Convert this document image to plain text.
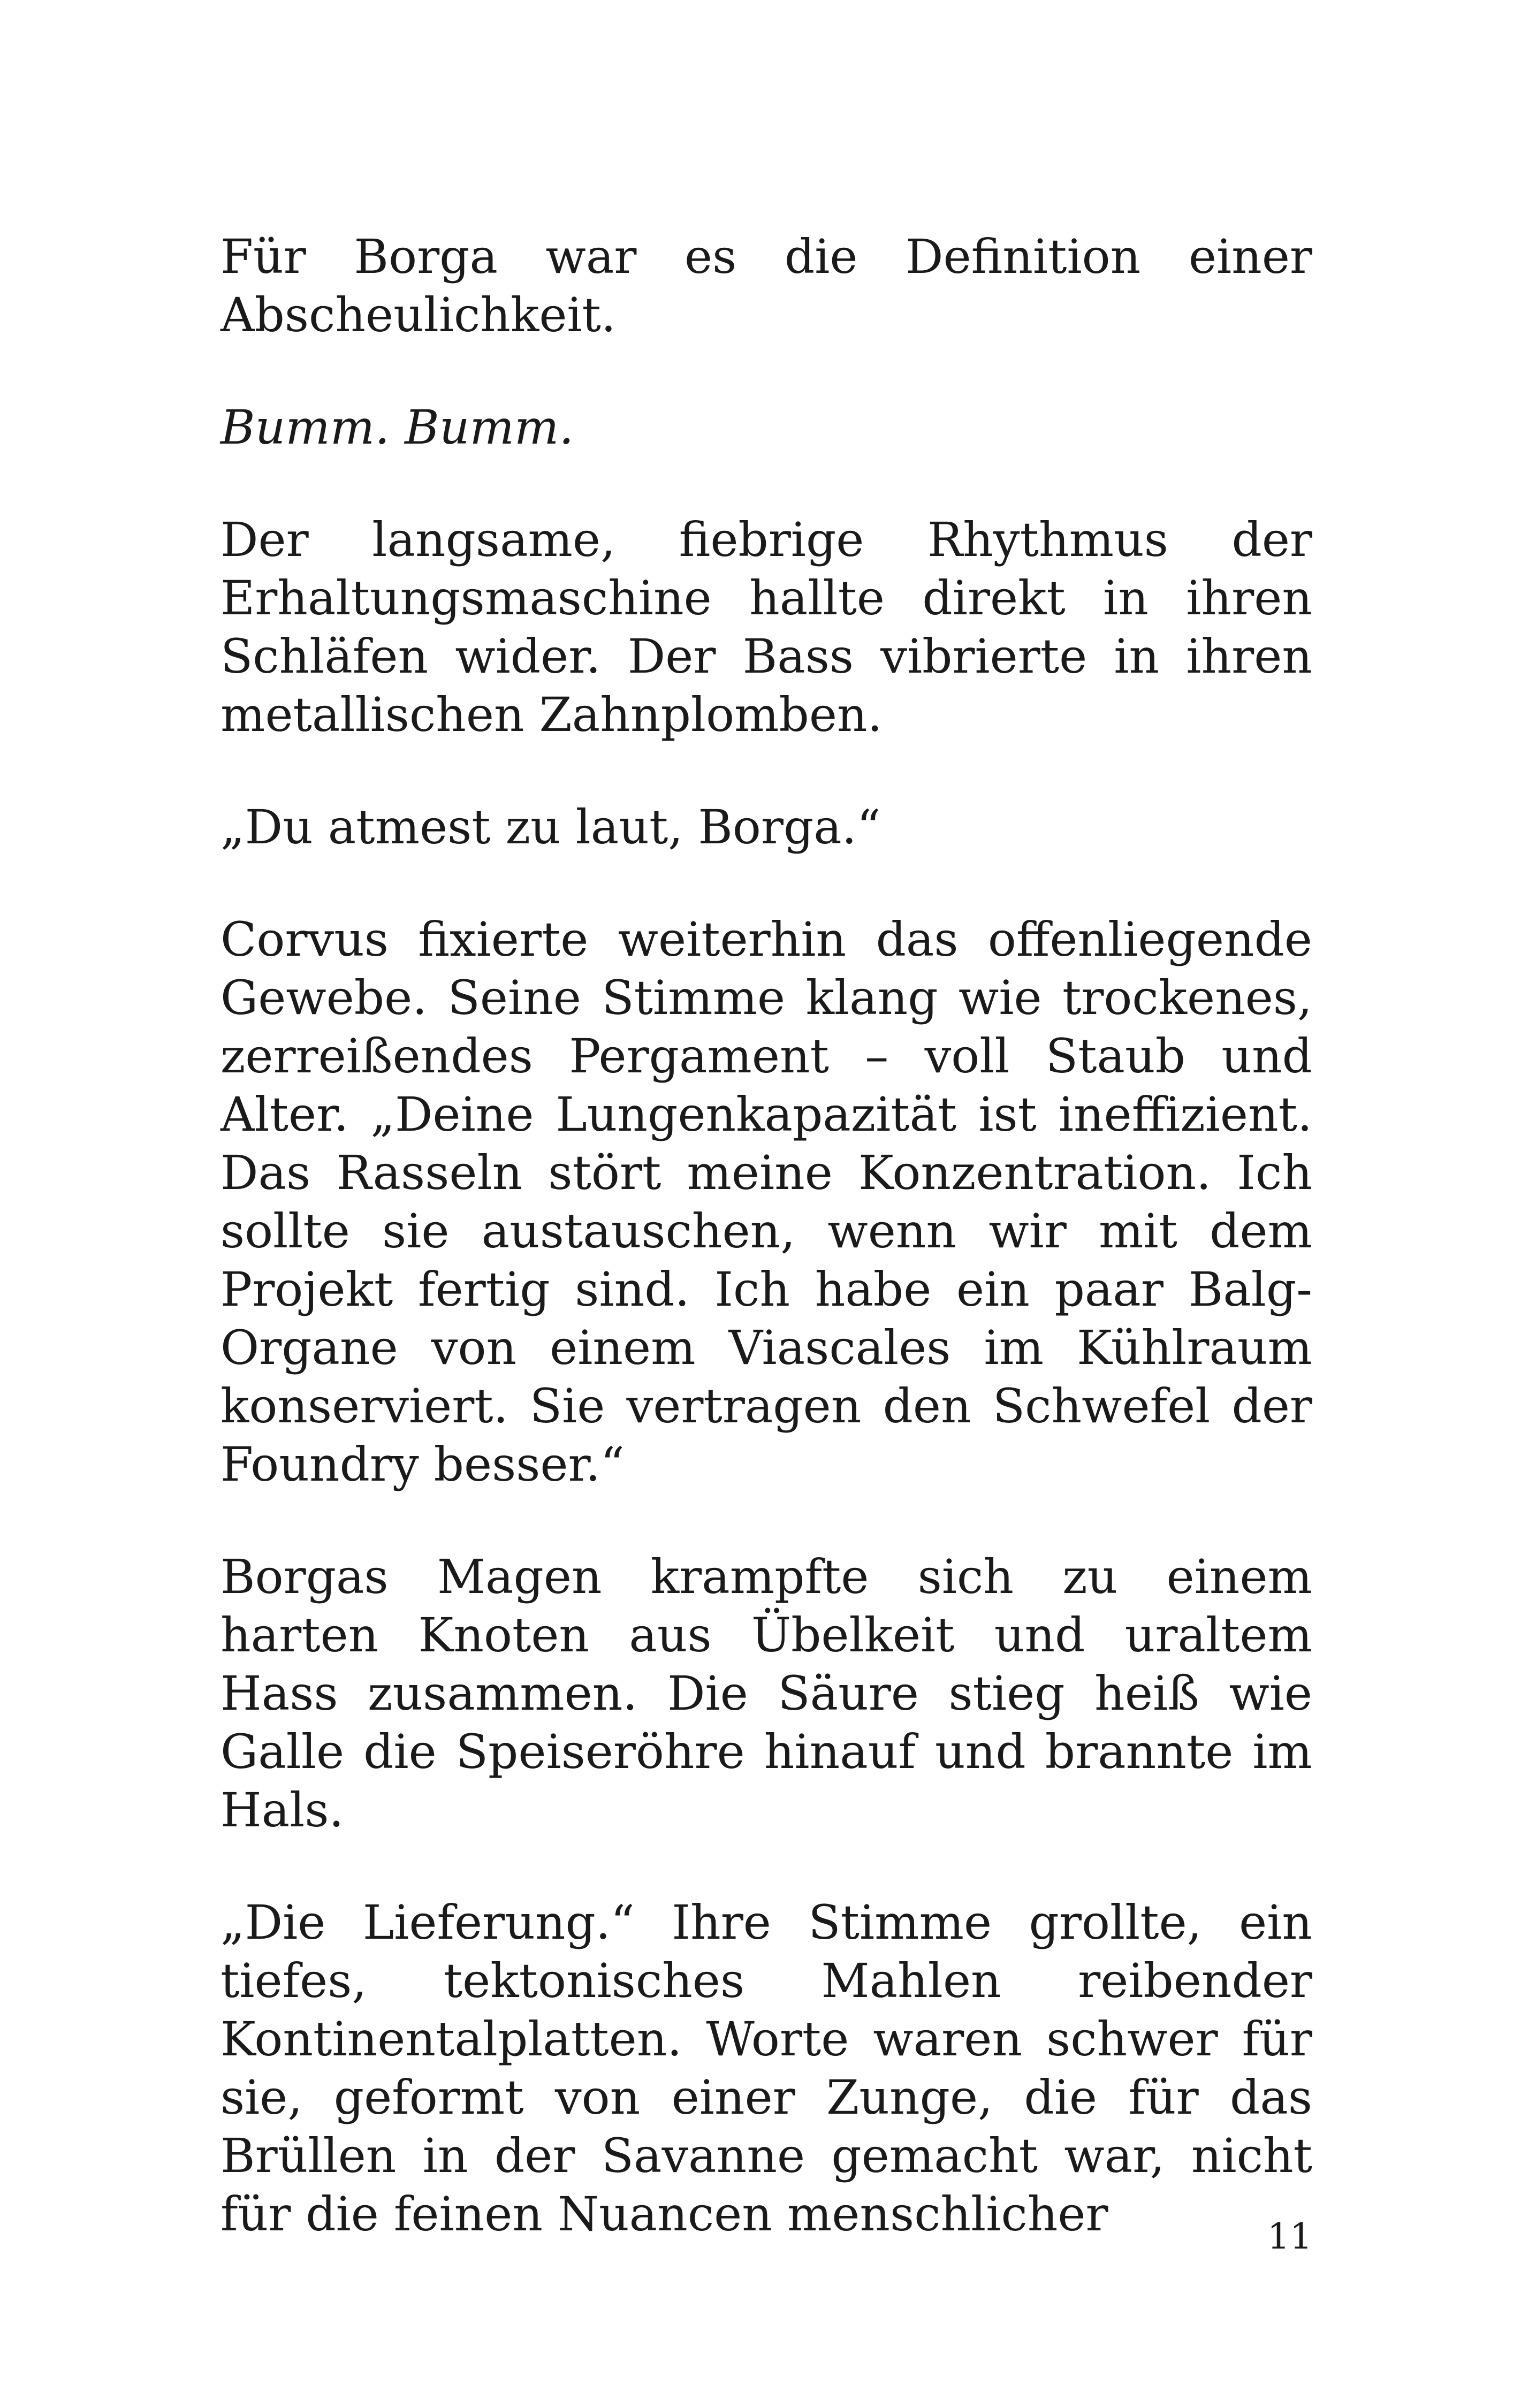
Für Borga war es die Definition einer Abscheulichkeit.

Bumm. Bumm.

Der langsame, fiebrige Rhythmus der Erhaltungsmaschine hallte direkt in ihren Schläfen wider. Der Bass vibrierte in ihren metallischen Zahnplomben.

„Du atmest zu laut, Borga.“

Corvus fixierte weiterhin das offenliegende Gewebe. Seine Stimme klang wie trockenes, zerreißendes Pergament – voll Staub und Alter. „Deine Lungenkapazität ist ineffizient. Das Rasseln stört meine Konzentration. Ich sollte sie austauschen, wenn wir mit dem Projekt fertig sind. Ich habe ein paar Balg-Organe von einem Viascales im Kühlraum konserviert. Sie vertragen den Schwefel der Foundry besser.“

Borgas Magen krampfte sich zu einem harten Knoten aus Übelkeit und uraltem Hass zusammen. Die Säure stieg heiß wie Galle die Speiseröhre hinauf und brannte im Hals.

„Die Lieferung.“ Ihre Stimme grollte, ein tiefes, tektonisches Mahlen reibender Kontinentalplatten. Worte waren schwer für sie, geformt von einer Zunge, die für das Brüllen in der Savanne gemacht war, nicht für die feinen Nuancen menschlicher	11
